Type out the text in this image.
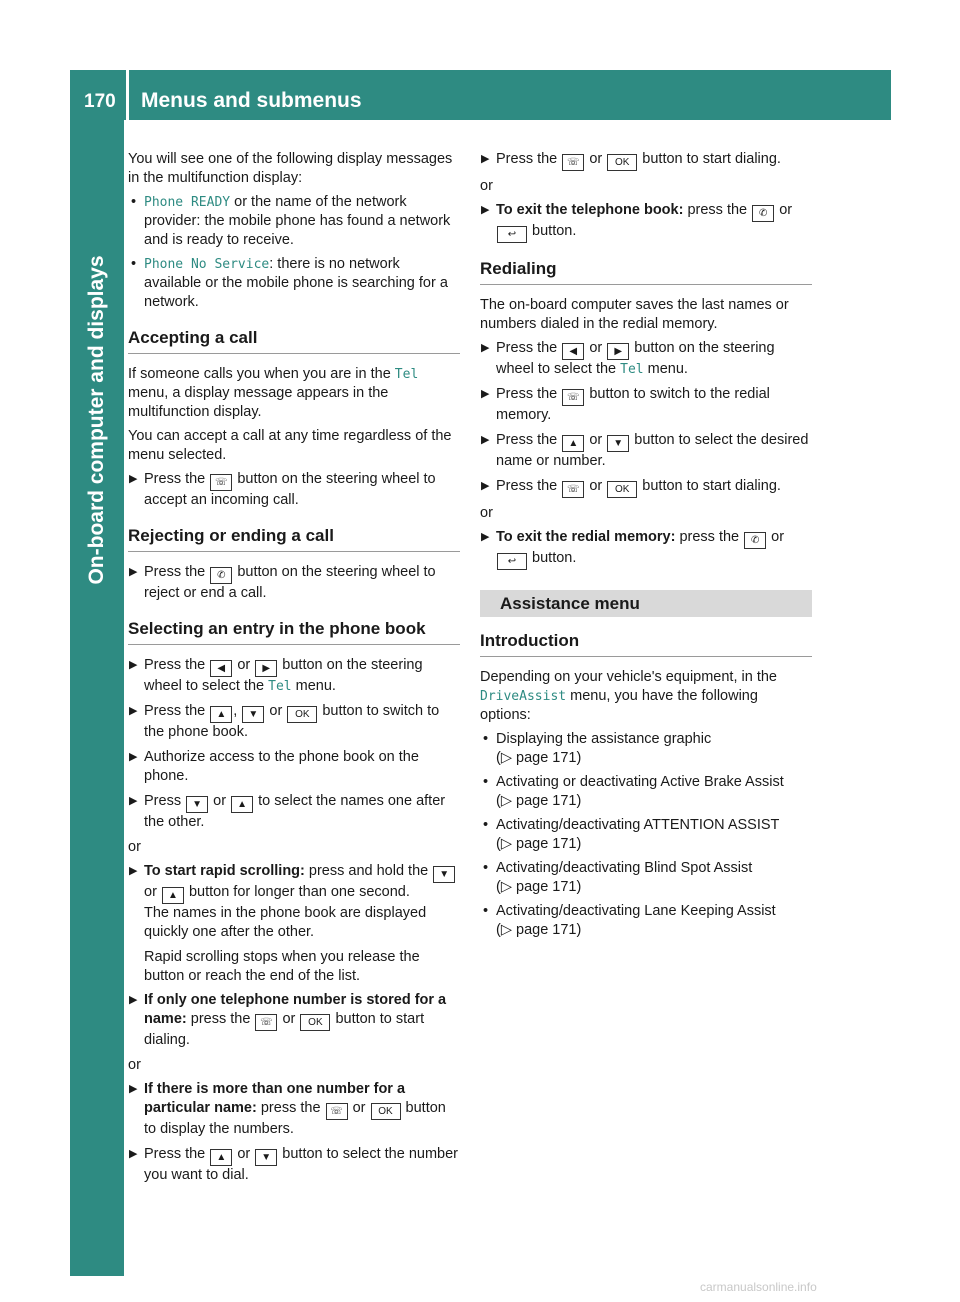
170 Menus and submenus
On-board computer and displays

You will see one of the following display messages in the multifunction display:

• Phone READY or the name of the network provider: the mobile phone has found a network and is ready to receive.
• Phone No Service: there is no network available or the mobile phone is searching for a network.
Accepting a call

If someone calls you when you are in the Tel menu, a display message appears in the multifunction display.

You can accept a call at any time regardless of the menu selected.

▶ Press the ☏ button on the steering wheel to accept an incoming call.
Rejecting or ending a call
▶ Press the ✆ button on the steering wheel to reject or end a call.
Selecting an entry in the phone book
▶ Press the ◀ or ▶ button on the steering wheel to select the Tel menu.
▶ Press the ▲ , ▼ or OK button to switch to the phone book.
▶ Authorize access to the phone book on the phone.
▶ Press ▼ or ▲ to select the names one after the other.

or

▶ To start rapid scrolling: press and hold the ▼ or ▲ button for longer than one second.
The names in the phone book are displayed quickly one after the other.
Rapid scrolling stops when you release the button or reach the end of the list.
▶ If only one telephone number is stored for a name: press the ☏ or OK button to start dialing.

or

▶ If there is more than one number for a particular name: press the ☏ or OK button to display the numbers.
▶ Press the ▲ or ▼ button to select the number you want to dial.
▶ Press the ☏ or OK button to start dialing.

or

▶ To exit the telephone book: press the ✆ or ↩ button.
Redialing

The on-board computer saves the last names or numbers dialed in the redial memory.

▶ Press the ◀ or ▶ button on the steering wheel to select the Tel menu.
▶ Press the ☏ button to switch to the redial memory.
▶ Press the ▲ or ▼ button to select the desired name or number.
▶ Press the ☏ or OK button to start dialing.

or

▶ To exit the redial memory: press the ✆ or ↩ button.
Assistance menu
Introduction

Depending on your vehicle's equipment, in the DriveAssist menu, you have the following options:

• Displaying the assistance graphic
(▷ page 171)
• Activating or deactivating Active Brake Assist
(▷ page 171)
• Activating/deactivating ATTENTION ASSIST
(▷ page 171)
• Activating/deactivating Blind Spot Assist
(▷ page 171)
• Activating/deactivating Lane Keeping Assist
(▷ page 171)
carmanualsonline.info
